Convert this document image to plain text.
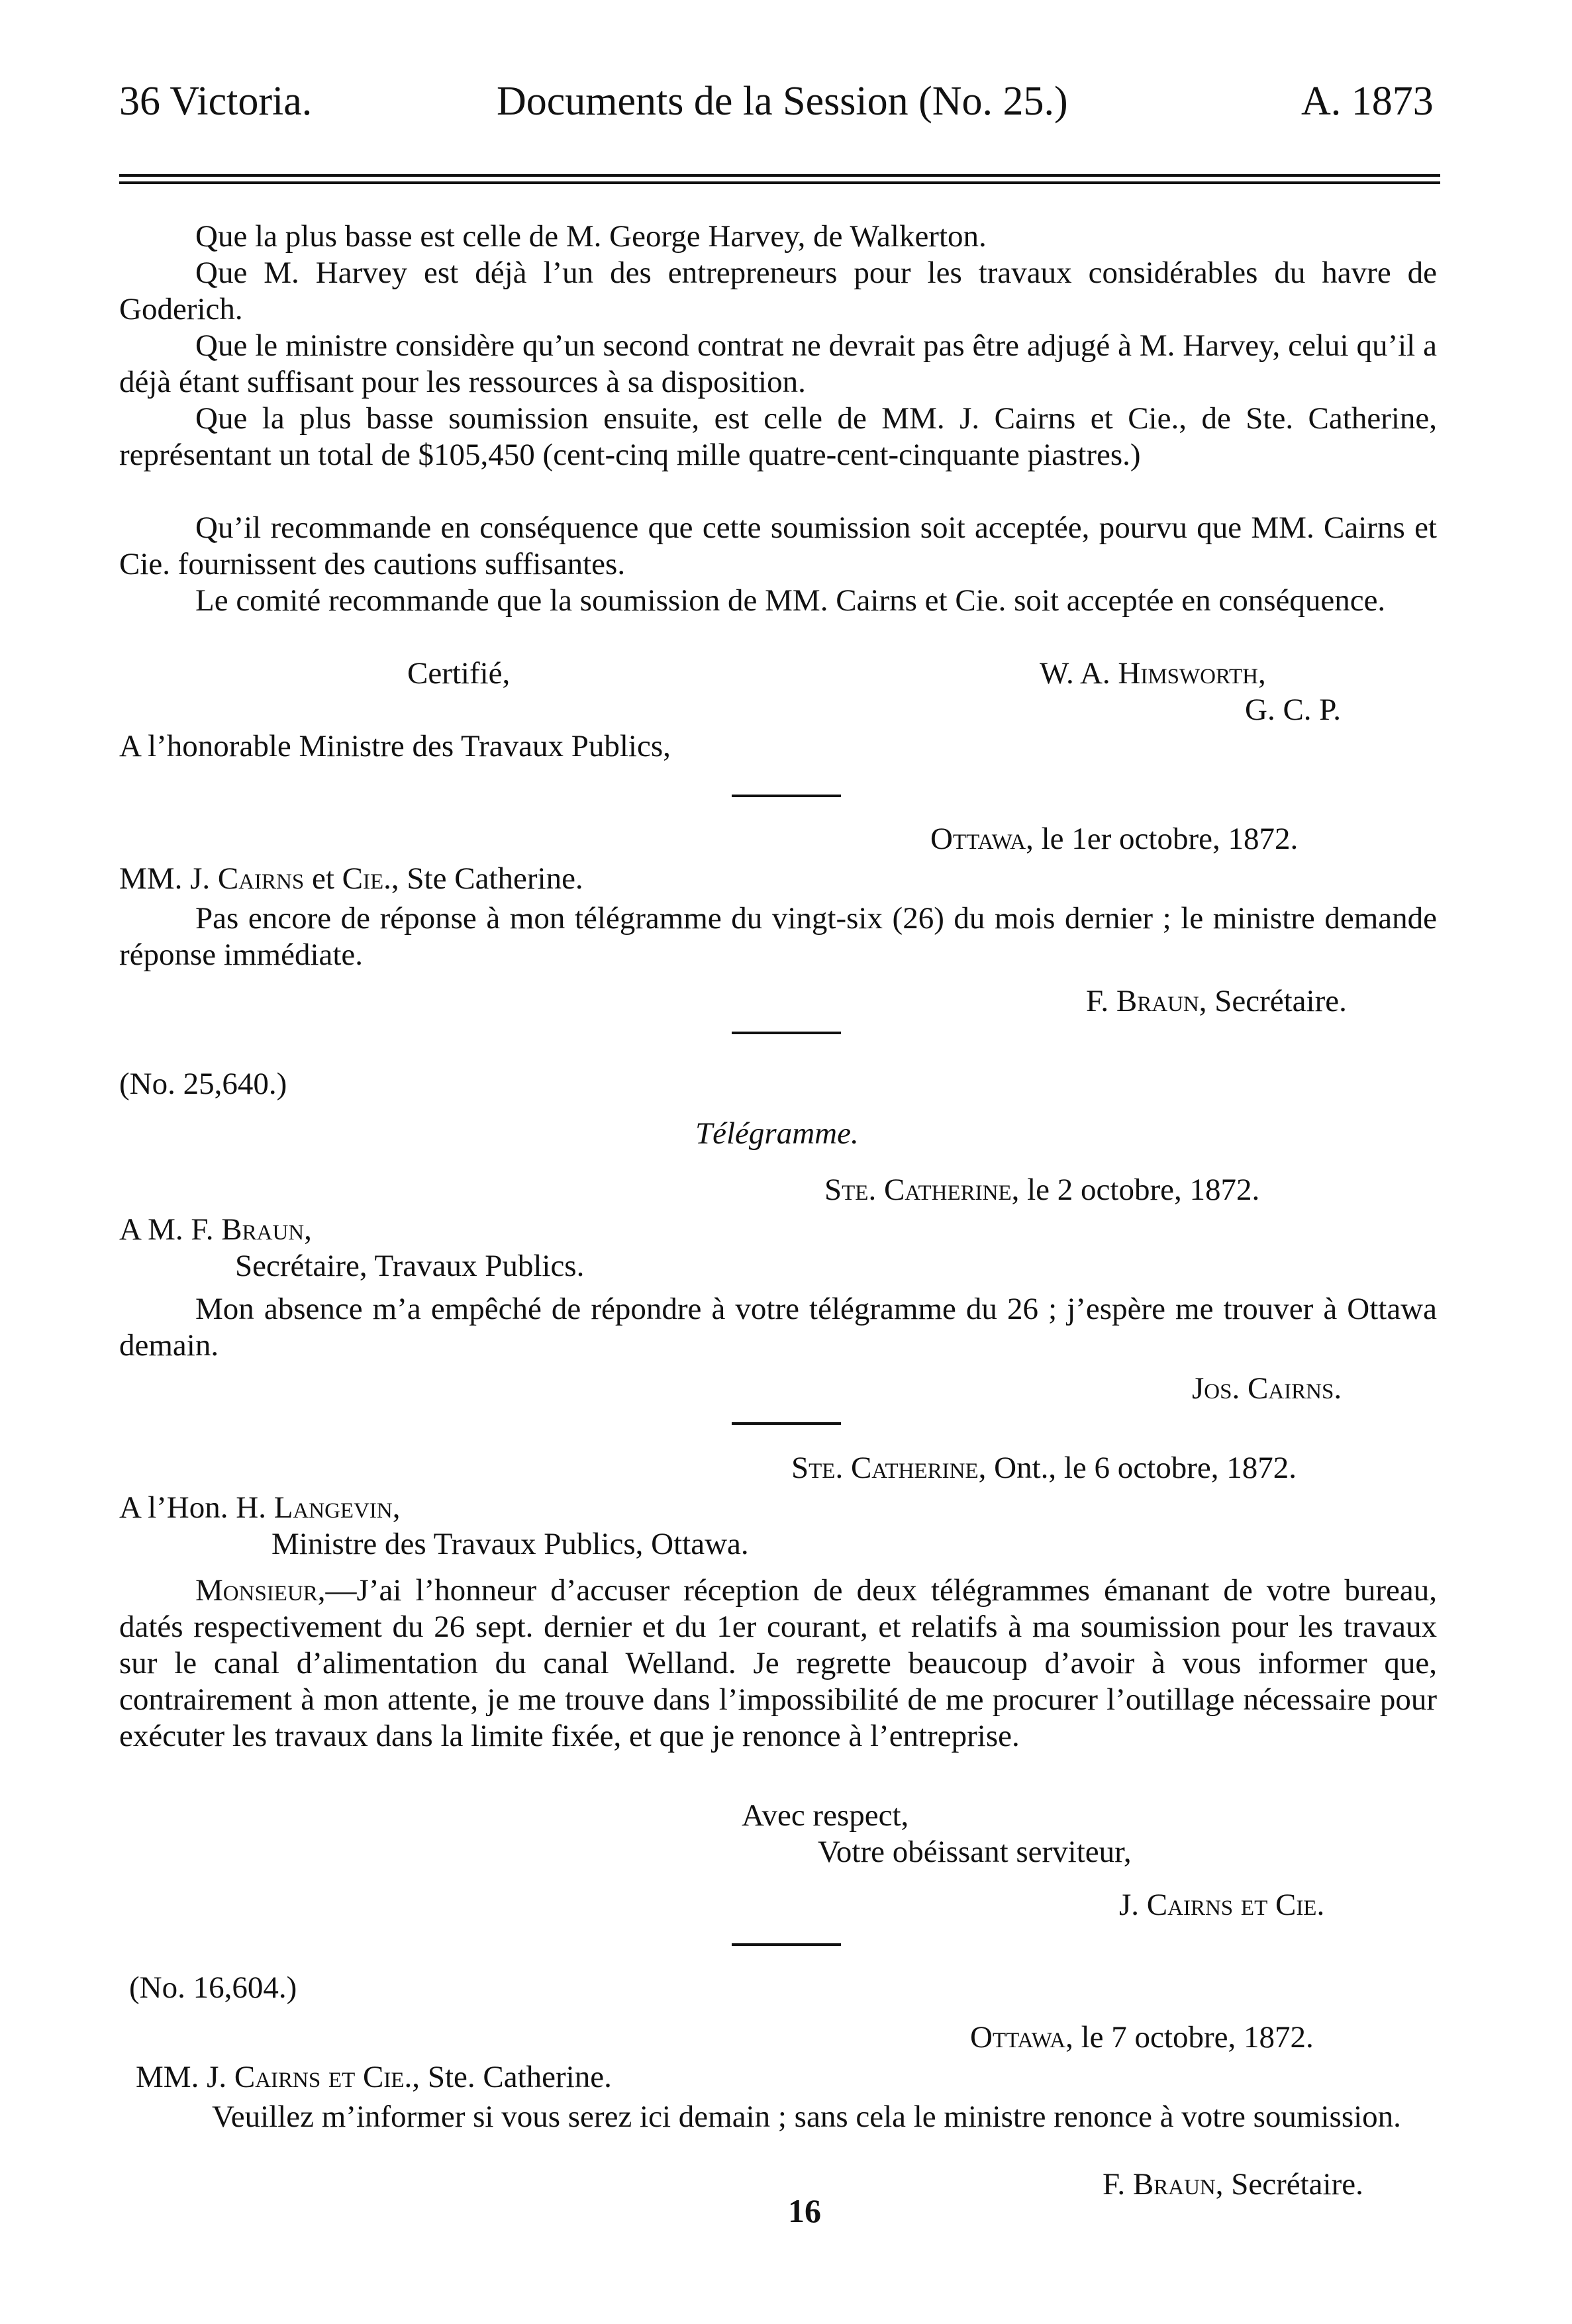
36 Victoria.	Documents de la Session (No. 25.)	A. 1873

Que la plus basse est celle de M. George Harvey, de Walkerton.

Que M. Harvey est déjà l’un des entrepreneurs pour les travaux considérables du havre de Goderich.

Que le ministre considère qu’un second contrat ne devrait pas être adjugé à M. Harvey, celui qu’il a déjà étant suffisant pour les ressources à sa disposition.

Que la plus basse soumission ensuite, est celle de MM. J. Cairns et Cie., de Ste. Catherine, représentant un total de $105,450 (cent-cinq mille quatre-cent-cinquante piastres.)

Qu’il recommande en conséquence que cette soumission soit acceptée, pourvu que MM. Cairns et Cie. fournissent des cautions suffisantes.

Le comité recommande que la soumission de MM. Cairns et Cie. soit acceptée en conséquence.

Certifié,	W. A. Himsworth,

G. C. P.

A l’honorable Ministre des Travaux Publics,

Ottawa, le 1er octobre, 1872.

MM. J. Cairns et Cie., Ste Catherine.

Pas encore de réponse à mon télégramme du vingt-six (26) du mois dernier ; le ministre demande réponse immédiate.

F. Braun, Secrétaire.

(No. 25,640.)

Télégramme.

Ste. Catherine, le 2 octobre, 1872.

A M. F. Braun,

Secrétaire, Travaux Publics.

Mon absence m’a empêché de répondre à votre télégramme du 26 ; j’espère me trouver à Ottawa demain.

Jos. Cairns.

Ste. Catherine, Ont., le 6 octobre, 1872.

A l’Hon. H. Langevin,

Ministre des Travaux Publics, Ottawa.

Monsieur,—J’ai l’honneur d’accuser réception de deux télégrammes émanant de votre bureau, datés respectivement du 26 sept. dernier et du 1er courant, et relatifs à ma soumission pour les travaux sur le canal d’alimentation du canal Welland. Je regrette beaucoup d’avoir à vous informer que, contrairement à mon attente, je me trouve dans l’impossibilité de me procurer l’outillage nécessaire pour exécuter les travaux dans la limite fixée, et que je renonce à l’entreprise.

Avec respect,

Votre obéissant serviteur,

J. Cairns et Cie.

(No. 16,604.)

Ottawa, le 7 octobre, 1872.

MM. J. Cairns et Cie., Ste. Catherine.

Veuillez m’informer si vous serez ici demain ; sans cela le ministre renonce à votre soumission.

F. Braun, Secrétaire.

16
